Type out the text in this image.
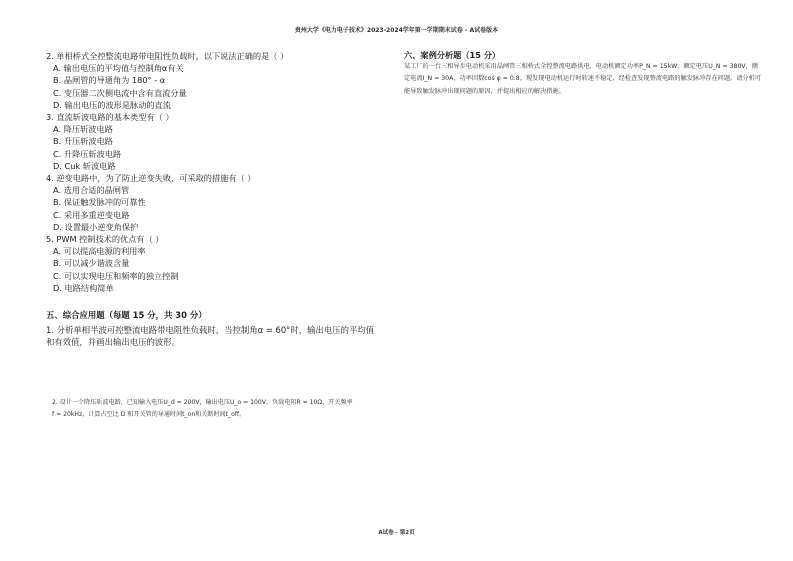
贵州大学《电力电子技术》2023-2024学年第一学期期末试卷 - A试卷版本
2. 单相桥式全控整流电路带电阻性负载时，以下说法正确的是（ ）
A. 输出电压的平均值与控制角α有关
B. 晶闸管的导通角为 180° - α
C. 变压器二次侧电流中含有直流分量
D. 输出电压的波形是脉动的直流
3. 直流斩波电路的基本类型有（ ）
A. 降压斩波电路
B. 升压斩波电路
C. 升降压斩波电路
D. Cuk 斩波电路
4. 逆变电路中，为了防止逆变失败，可采取的措施有（ ）
A. 选用合适的晶闸管
B. 保证触发脉冲的可靠性
C. 采用多重逆变电路
D. 设置最小逆变角保护
5. PWM 控制技术的优点有（ ）
A. 可以提高电源的利用率
B. 可以减少谐波含量
C. 可以实现电压和频率的独立控制
D. 电路结构简单
五、综合应用题（每题 15 分，共 30 分）
1. 分析单相半波可控整流电路带电阻性负载时，当控制角α = 60°时，输出电压的平均值和有效值，并画出输出电压的波形。
2. 设计一个降压斩波电路，已知输入电压U_d = 200V，输出电压U_o = 100V，负载电阻R = 10Ω，开关频率
f = 20kHz，计算占空比 D 和开关管的导通时间t_on和关断时间t_off。
六、案例分析题（15 分）
某工厂的一台三相异步电动机采用晶闸管三相桥式全控整流电路供电，电动机额定功率P_N = 15kW，额定电压U_N = 380V，额定电流I_N = 30A，功率因数cos φ = 0.8。现发现电动机运行时转速不稳定，经检查发现整流电路的触发脉冲存在问题。请分析可能导致触发脉冲出现问题的原因，并提出相应的解决措施。
A试卷 - 第2页
